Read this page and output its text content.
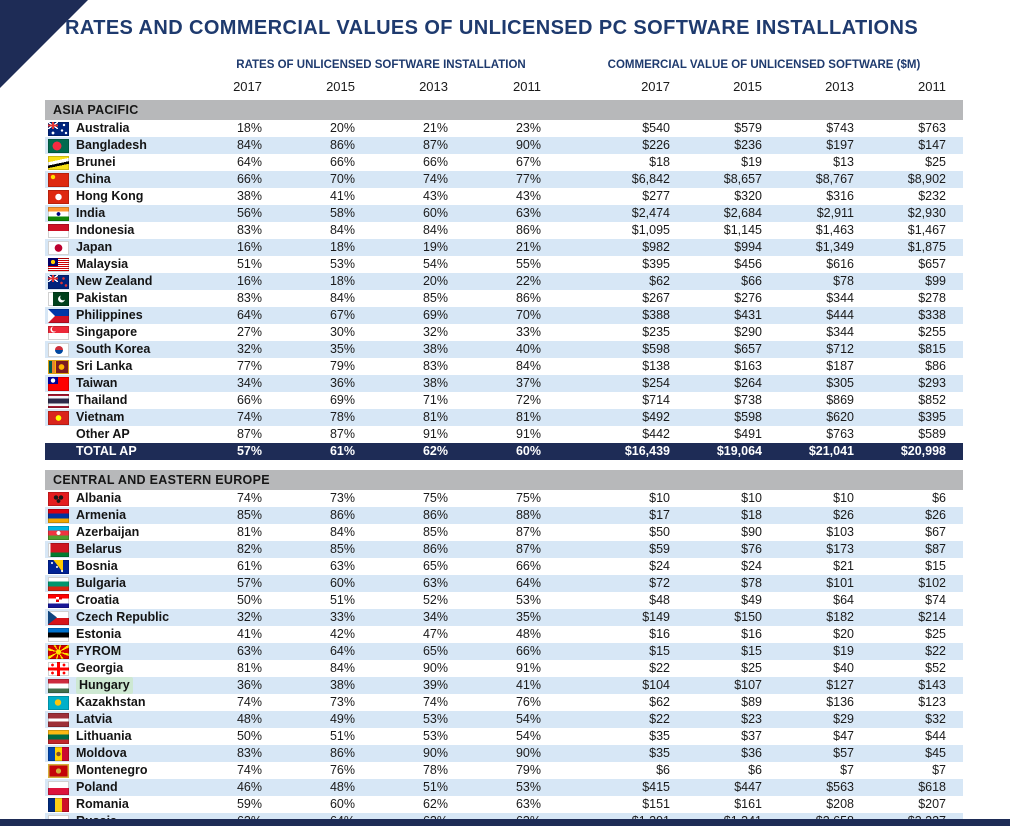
RATES AND COMMERCIAL VALUES OF UNLICENSED PC SOFTWARE INSTALLATIONS
RATES OF UNLICENSED SOFTWARE INSTALLATION	COMMERCIAL VALUE OF UNLICENSED SOFTWARE ($M)
2017	2015	2013	2011	2017	2015	2013	2011
ASIA PACIFIC
Australia	18%	20%	21%	23%	$540	$579	$743	$763
Bangladesh	84%	86%	87%	90%	$226	$236	$197	$147
Brunei	64%	66%	66%	67%	$18	$19	$13	$25
China	66%	70%	74%	77%	$6,842	$8,657	$8,767	$8,902
Hong Kong	38%	41%	43%	43%	$277	$320	$316	$232
India	56%	58%	60%	63%	$2,474	$2,684	$2,911	$2,930
Indonesia	83%	84%	84%	86%	$1,095	$1,145	$1,463	$1,467
Japan	16%	18%	19%	21%	$982	$994	$1,349	$1,875
Malaysia	51%	53%	54%	55%	$395	$456	$616	$657
New Zealand	16%	18%	20%	22%	$62	$66	$78	$99
Pakistan	83%	84%	85%	86%	$267	$276	$344	$278
Philippines	64%	67%	69%	70%	$388	$431	$444	$338
Singapore	27%	30%	32%	33%	$235	$290	$344	$255
South Korea	32%	35%	38%	40%	$598	$657	$712	$815
Sri Lanka	77%	79%	83%	84%	$138	$163	$187	$86
Taiwan	34%	36%	38%	37%	$254	$264	$305	$293
Thailand	66%	69%	71%	72%	$714	$738	$869	$852
Vietnam	74%	78%	81%	81%	$492	$598	$620	$395
Other AP	87%	87%	91%	91%	$442	$491	$763	$589
TOTAL AP	57%	61%	62%	60%	$16,439	$19,064	$21,041	$20,998
CENTRAL AND EASTERN EUROPE
Albania	74%	73%	75%	75%	$10	$10	$10	$6
Armenia	85%	86%	86%	88%	$17	$18	$26	$26
Azerbaijan	81%	84%	85%	87%	$50	$90	$103	$67
Belarus	82%	85%	86%	87%	$59	$76	$173	$87
Bosnia	61%	63%	65%	66%	$24	$24	$21	$15
Bulgaria	57%	60%	63%	64%	$72	$78	$101	$102
Croatia	50%	51%	52%	53%	$48	$49	$64	$74
Czech Republic	32%	33%	34%	35%	$149	$150	$182	$214
Estonia	41%	42%	47%	48%	$16	$16	$20	$25
FYROM	63%	64%	65%	66%	$15	$15	$19	$22
Georgia	81%	84%	90%	91%	$22	$25	$40	$52
Hungary	36%	38%	39%	41%	$104	$107	$127	$143
Kazakhstan	74%	73%	74%	76%	$62	$89	$136	$123
Latvia	48%	49%	53%	54%	$22	$23	$29	$32
Lithuania	50%	51%	53%	54%	$35	$37	$47	$44
Moldova	83%	86%	90%	90%	$35	$36	$57	$45
Montenegro	74%	76%	78%	79%	$6	$6	$7	$7
Poland	46%	48%	51%	53%	$415	$447	$563	$618
Romania	59%	60%	62%	63%	$151	$161	$208	$207
